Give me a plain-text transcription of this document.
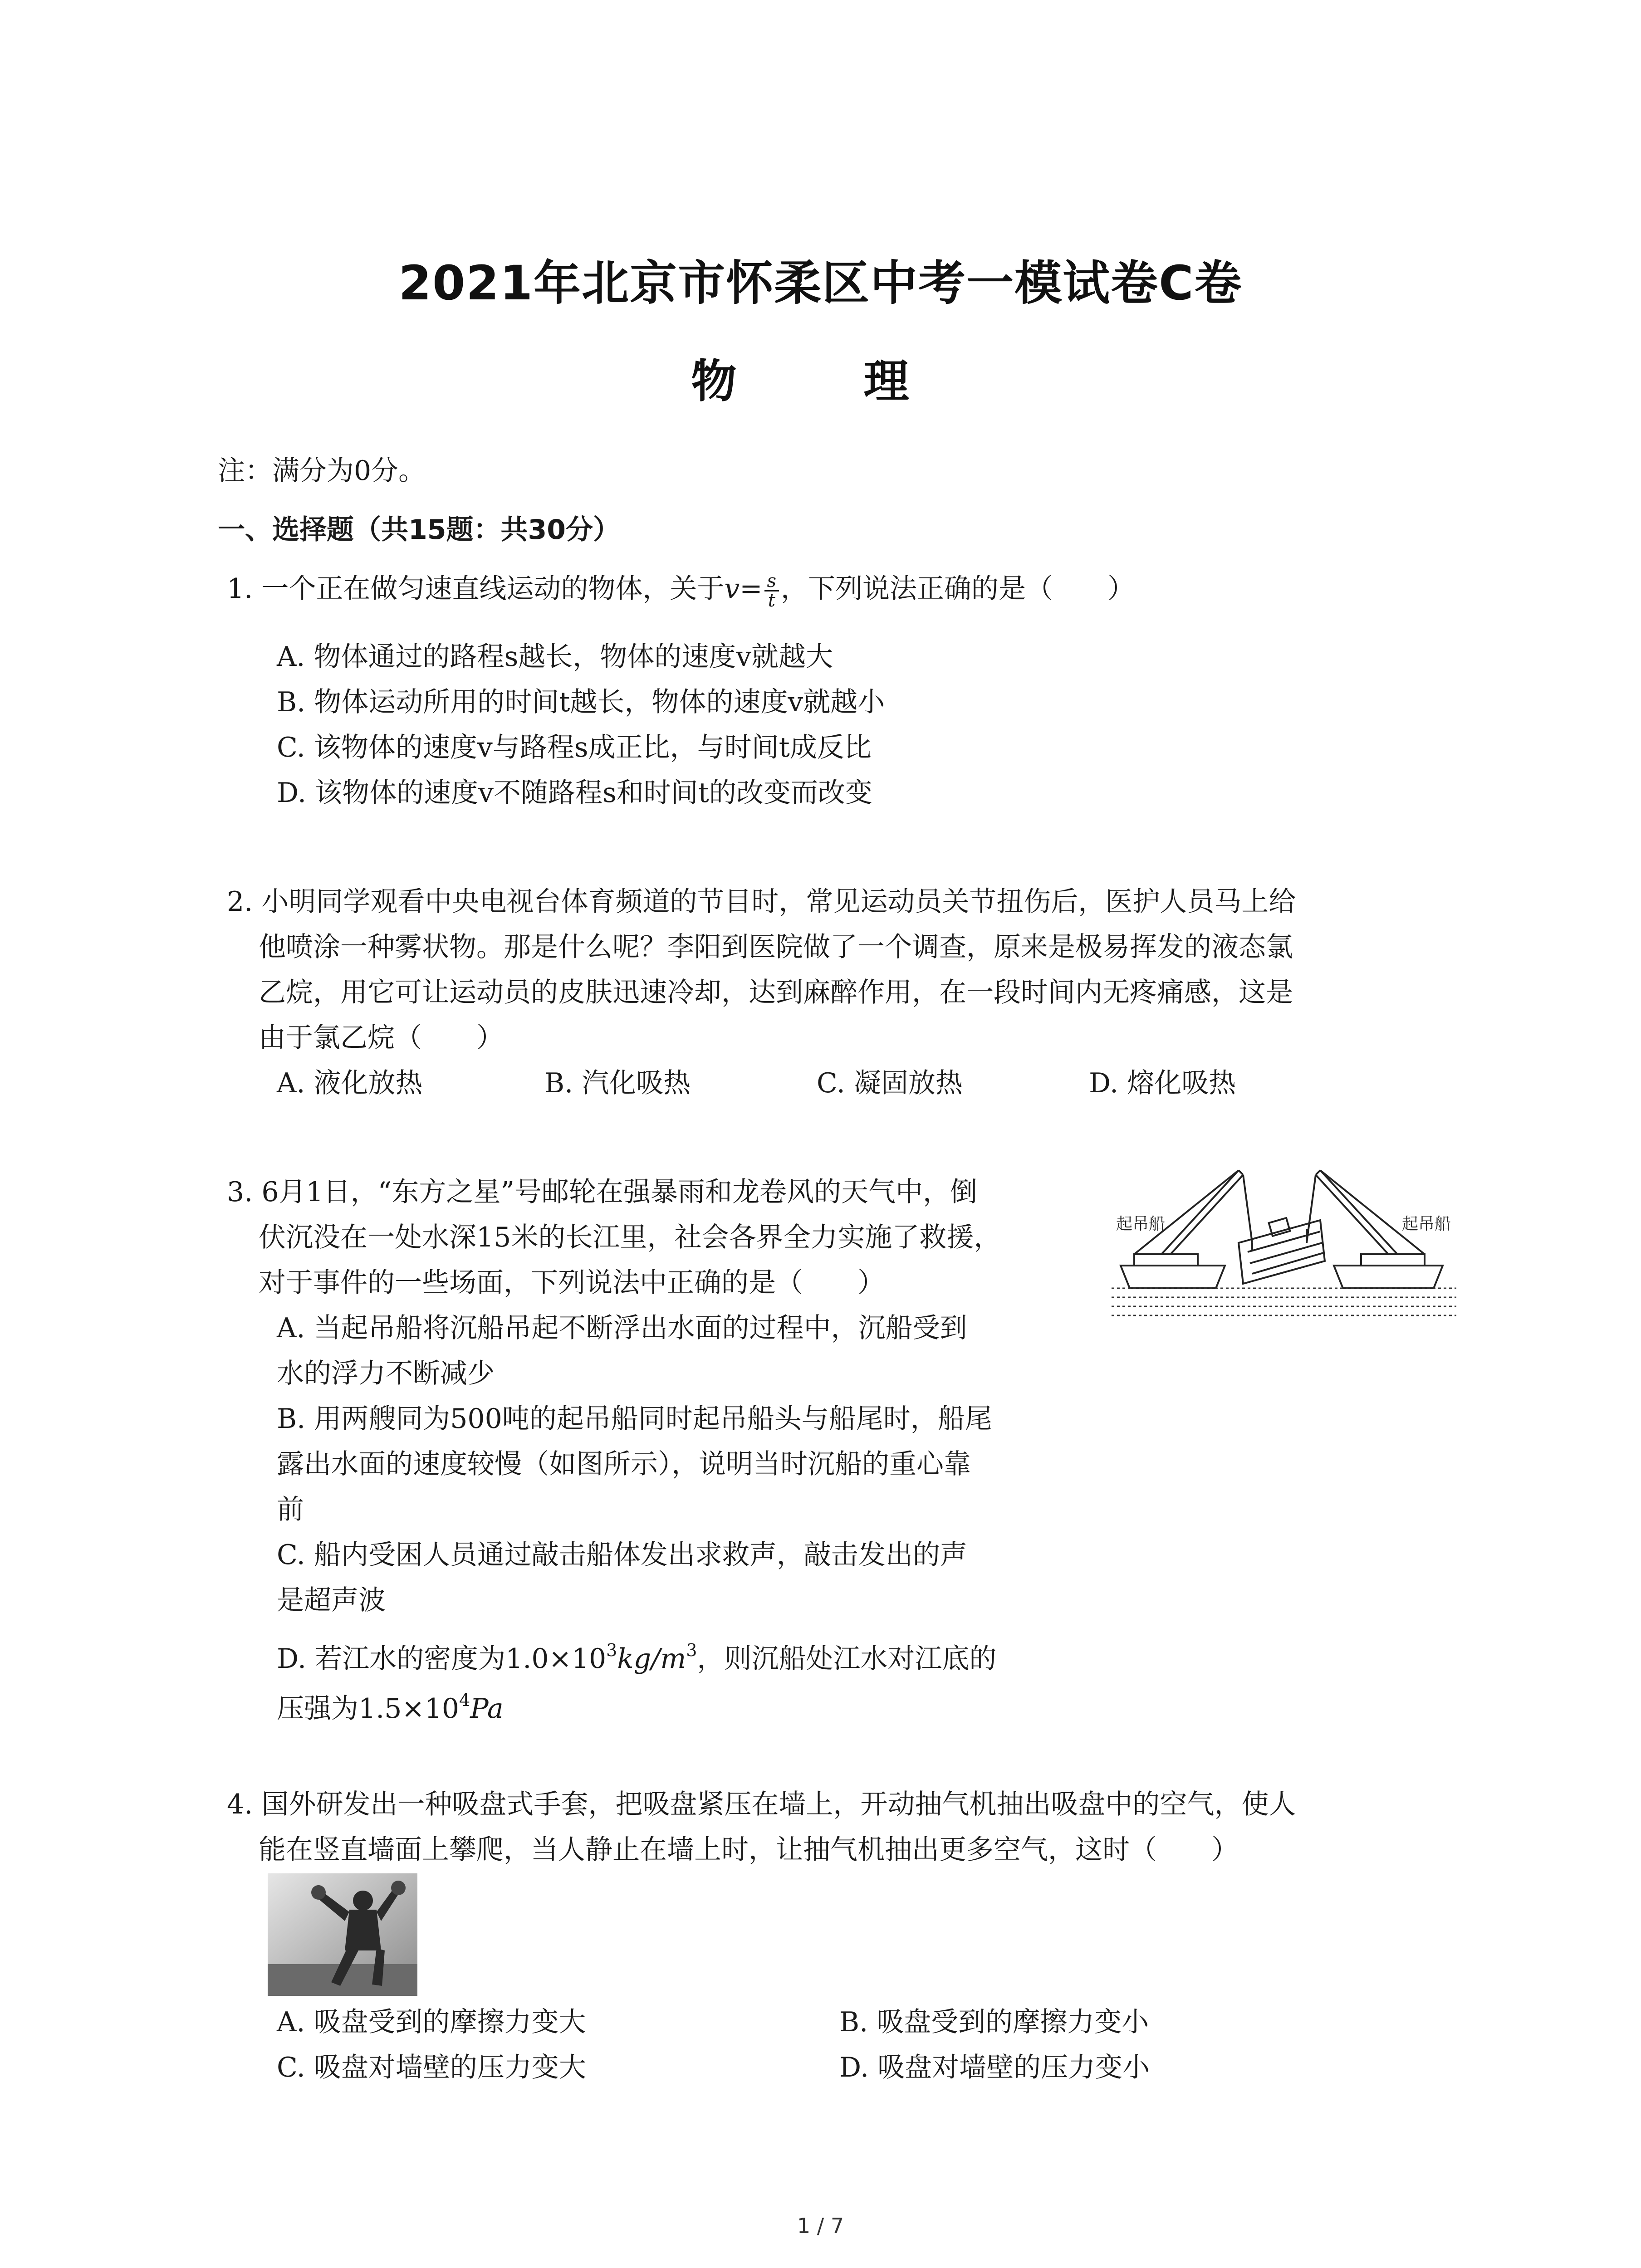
2021年北京市怀柔区中考一模试卷C卷
物　理
注：满分为0分。
一、选择题（共15题：共30分）
1. 一个正在做匀速直线运动的物体，关于$v= \frac{s}{t}$ ，下列说法正确的是（　　）
A. 物体通过的路程s越长，物体的速度v就越大
B. 物体运动所用的时间t越长，物体的速度v就越小
C. 该物体的速度v与路程s成正比，与时间t成反比
D. 该物体的速度v不随路程s和时间t的改变而改变
2. 小明同学观看中央电视台体育频道的节目时，常见运动员关节扭伤后，医护人员马上给
他喷涂一种雾状物。那是什么呢？李阳到医院做了一个调查，原来是极易挥发的液态氯
乙烷，用它可让运动员的皮肤迅速冷却，达到麻醉作用，在一段时间内无疼痛感，这是
由于氯乙烷（　　）
A. 液化放热	B. 汽化吸热	C. 凝固放热	D. 熔化吸热
3. 6月1日，“东方之星”号邮轮在强暴雨和龙卷风的天气中，倒
伏沉没在一处水深15米的长江里，社会各界全力实施了救援，
对于事件的一些场面，下列说法中正确的是（　　）
A. 当起吊船将沉船吊起不断浮出水面的过程中，沉船受到
水的浮力不断减少
B. 用两艘同为500吨的起吊船同时起吊船头与船尾时，船尾
露出水面的速度较慢（如图所示），说明当时沉船的重心靠
前
C. 船内受困人员通过敲击船体发出求救声，敲击发出的声
是超声波
D. 若江水的密度为$1.0\times 10^3kg/m^3$，则沉船处江水对江底的
压强为$1.5\times 10^4Pa$
起吊船	起吊船
4. 国外研发出一种吸盘式手套，把吸盘紧压在墙上，开动抽气机抽出吸盘中的空气，使人
能在竖直墙面上攀爬，当人静止在墙上时，让抽气机抽出更多空气，这时（　　）
A. 吸盘受到的摩擦力变大	B. 吸盘受到的摩擦力变小
C. 吸盘对墙壁的压力变大	D. 吸盘对墙壁的压力变小
1 / 7
